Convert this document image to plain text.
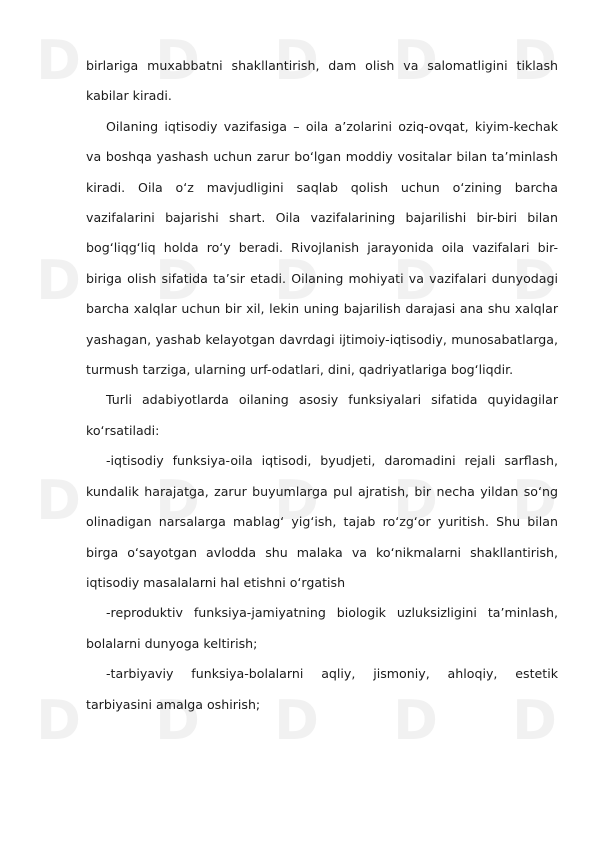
D D D D D
D D D D D
D D D D D
D D D D D

birlariga muxabbatni shakllantirish, dam olish va salomatligini tiklash kabilar kiradi.

Oilaning iqtisodiy vazifasiga – oila a’zolarini oziq-ovqat, kiyim-kechak va boshqa yashash uchun zarur bo‘lgan moddiy vositalar bilan ta’minlash kiradi. Oila o‘z mavjudligini saqlab qolish uchun o‘zining barcha vazifalarini bajarishi shart. Oila vazifalarining bajarilishi bir-biri bilan bog‘liqg‘liq holda ro‘y beradi. Rivojlanish jarayonida oila vazifalari bir-biriga olish sifatida ta’sir etadi. Oilaning mohiyati va vazifalari dunyodagi barcha xalqlar uchun bir xil, lekin uning bajarilish darajasi ana shu xalqlar yashagan, yashab kelayotgan davrdagi ijtimoiy-iqtisodiy, munosabatlarga, turmush tarziga, ularning urf-odatlari, dini, qadriyatlariga bog‘liqdir.

Turli adabiyotlarda oilaning asosiy funksiyalari sifatida quyidagilar ko‘rsatiladi:

-iqtisodiy funksiya-oila iqtisodi, byudjeti, daromadini rejali sarflash, kundalik harajatga, zarur buyumlarga pul ajratish, bir necha yildan so‘ng olinadigan narsalarga mablag‘ yig‘ish, tajab ro‘zg‘or yuritish. Shu bilan birga o‘sayotgan avlodda shu malaka va ko‘nikmalarni shakllantirish, iqtisodiy masalalarni hal etishni o‘rgatish

-reproduktiv funksiya-jamiyatning biologik uzluksizligini ta’minlash, bolalarni dunyoga keltirish;

-tarbiyaviy funksiya-bolalarni aqliy, jismoniy, ahloqiy, estetik tarbiyasini amalga oshirish;
